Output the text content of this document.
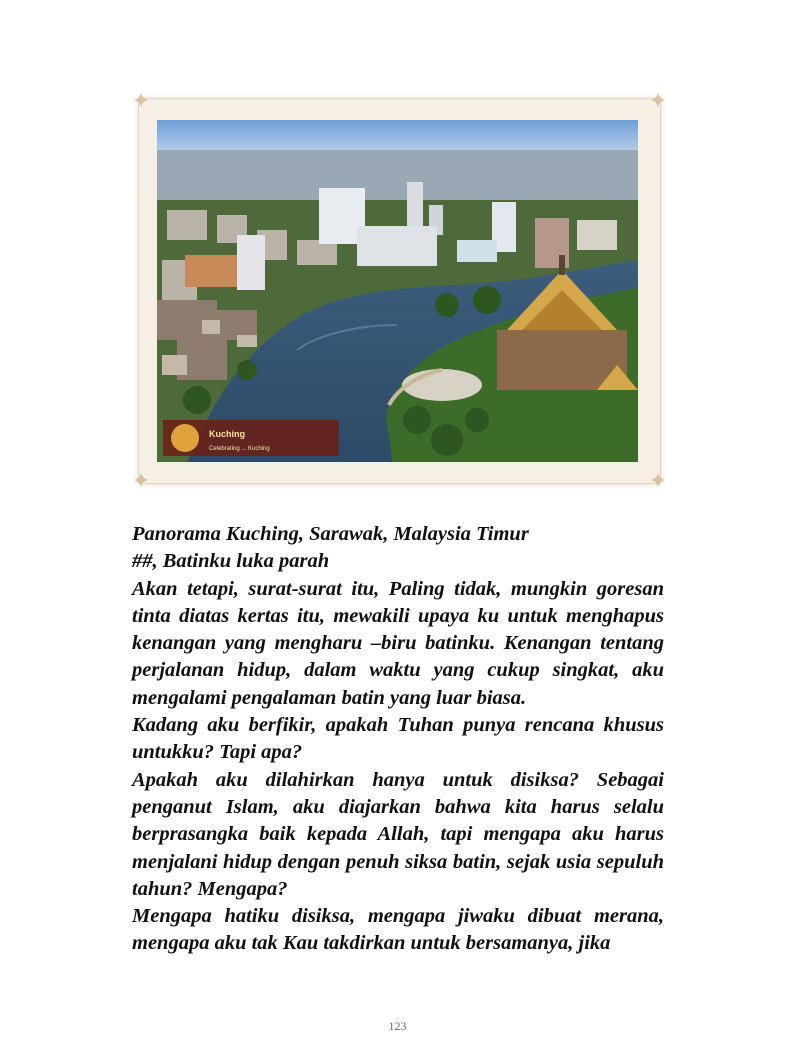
✦	✦
✦	✦
Kuching
Celebrating ... Kuching

Panorama Kuching, Sarawak, Malaysia Timur

##, Batinku luka parah

Akan tetapi, surat-surat itu, Paling tidak, mungkin goresan tinta diatas kertas itu, mewakili upaya ku untuk menghapus kenangan yang mengharu –biru batinku. Kenangan tentang perjalanan hidup, dalam waktu yang cukup singkat, aku mengalami pengalaman batin yang luar biasa.

Kadang aku berfikir, apakah Tuhan punya rencana khusus untukku? Tapi apa?

Apakah aku dilahirkan hanya untuk disiksa? Sebagai penganut Islam, aku diajarkan bahwa kita harus selalu berprasangka baik kepada Allah, tapi mengapa aku harus menjalani hidup dengan penuh siksa batin, sejak usia sepuluh tahun? Mengapa?

Mengapa hatiku disiksa, mengapa jiwaku dibuat merana, mengapa aku tak Kau takdirkan untuk bersamanya, jika

123
